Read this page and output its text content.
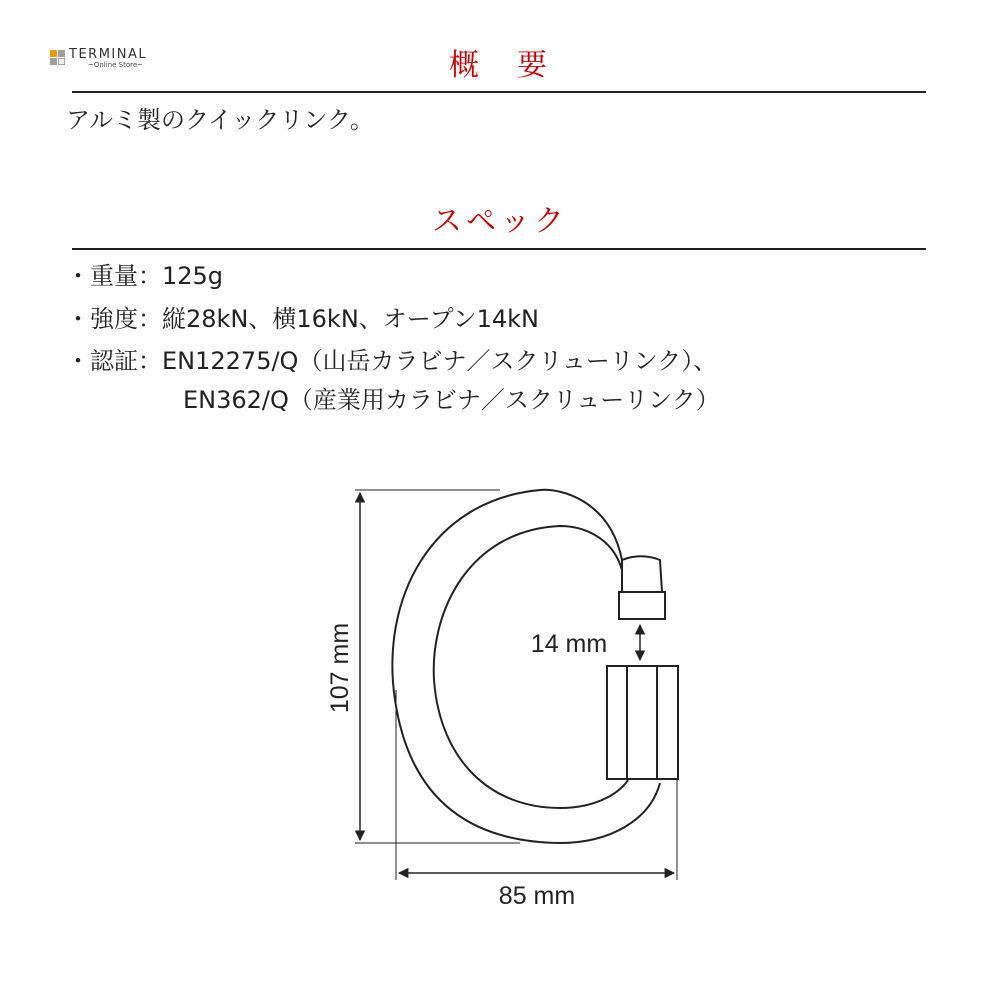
TERMINAL
~Online Store~	概　要
アルミ製のクイックリンク。
スペック
・重量：125g
・強度：縦28kN、横16kN、オープン14kN
・認証：EN12275/Q（山岳カラビナ／スクリューリンク）、
EN362/Q（産業用カラビナ／スクリューリンク）
107 mm
85 mm
14 mm
